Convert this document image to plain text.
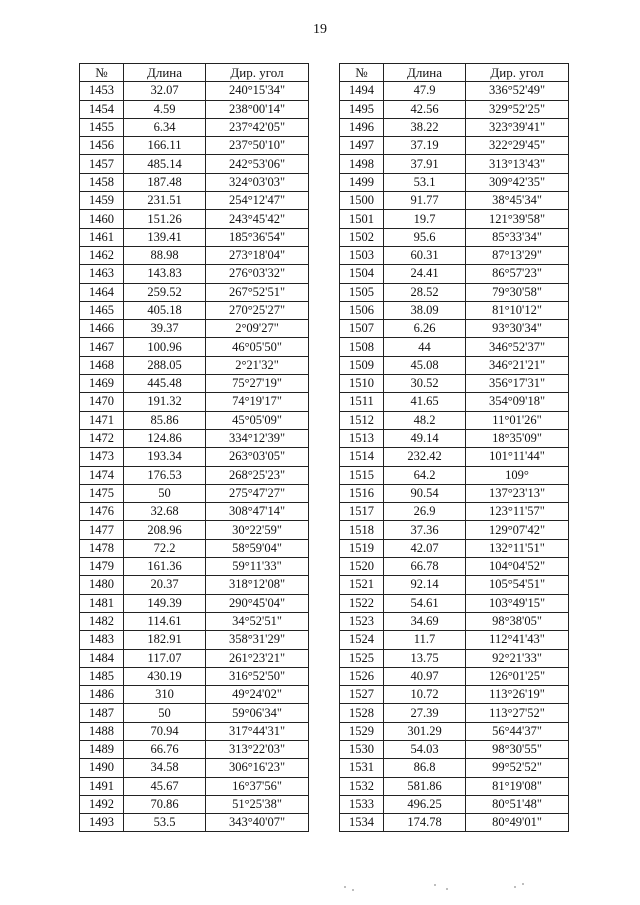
19
№	Длина	Дир. угол
1453	32.07	240°15'34"
1454	4.59	238°00'14"
1455	6.34	237°42'05"
1456	166.11	237°50'10"
1457	485.14	242°53'06"
1458	187.48	324°03'03"
1459	231.51	254°12'47"
1460	151.26	243°45'42"
1461	139.41	185°36'54"
1462	88.98	273°18'04"
1463	143.83	276°03'32"
1464	259.52	267°52'51"
1465	405.18	270°25'27"
1466	39.37	2°09'27"
1467	100.96	46°05'50"
1468	288.05	2°21'32"
1469	445.48	75°27'19"
1470	191.32	74°19'17"
1471	85.86	45°05'09"
1472	124.86	334°12'39"
1473	193.34	263°03'05"
1474	176.53	268°25'23"
1475	50	275°47'27"
1476	32.68	308°47'14"
1477	208.96	30°22'59"
1478	72.2	58°59'04"
1479	161.36	59°11'33"
1480	20.37	318°12'08"
1481	149.39	290°45'04"
1482	114.61	34°52'51"
1483	182.91	358°31'29"
1484	117.07	261°23'21"
1485	430.19	316°52'50"
1486	310	49°24'02"
1487	50	59°06'34"
1488	70.94	317°44'31"
1489	66.76	313°22'03"
1490	34.58	306°16'23"
1491	45.67	16°37'56"
1492	70.86	51°25'38"
1493	53.5	343°40'07"
№	Длина	Дир. угол
1494	47.9	336°52'49"
1495	42.56	329°52'25"
1496	38.22	323°39'41"
1497	37.19	322°29'45"
1498	37.91	313°13'43"
1499	53.1	309°42'35"
1500	91.77	38°45'34"
1501	19.7	121°39'58"
1502	95.6	85°33'34"
1503	60.31	87°13'29"
1504	24.41	86°57'23"
1505	28.52	79°30'58"
1506	38.09	81°10'12"
1507	6.26	93°30'34"
1508	44	346°52'37"
1509	45.08	346°21'21"
1510	30.52	356°17'31"
1511	41.65	354°09'18"
1512	48.2	11°01'26"
1513	49.14	18°35'09"
1514	232.42	101°11'44"
1515	64.2	109°
1516	90.54	137°23'13"
1517	26.9	123°11'57"
1518	37.36	129°07'42"
1519	42.07	132°11'51"
1520	66.78	104°04'52"
1521	92.14	105°54'51"
1522	54.61	103°49'15"
1523	34.69	98°38'05"
1524	11.7	112°41'43"
1525	13.75	92°21'33"
1526	40.97	126°01'25"
1527	10.72	113°26'19"
1528	27.39	113°27'52"
1529	301.29	56°44'37"
1530	54.03	98°30'55"
1531	86.8	99°52'52"
1532	581.86	81°19'08"
1533	496.25	80°51'48"
1534	174.78	80°49'01"
